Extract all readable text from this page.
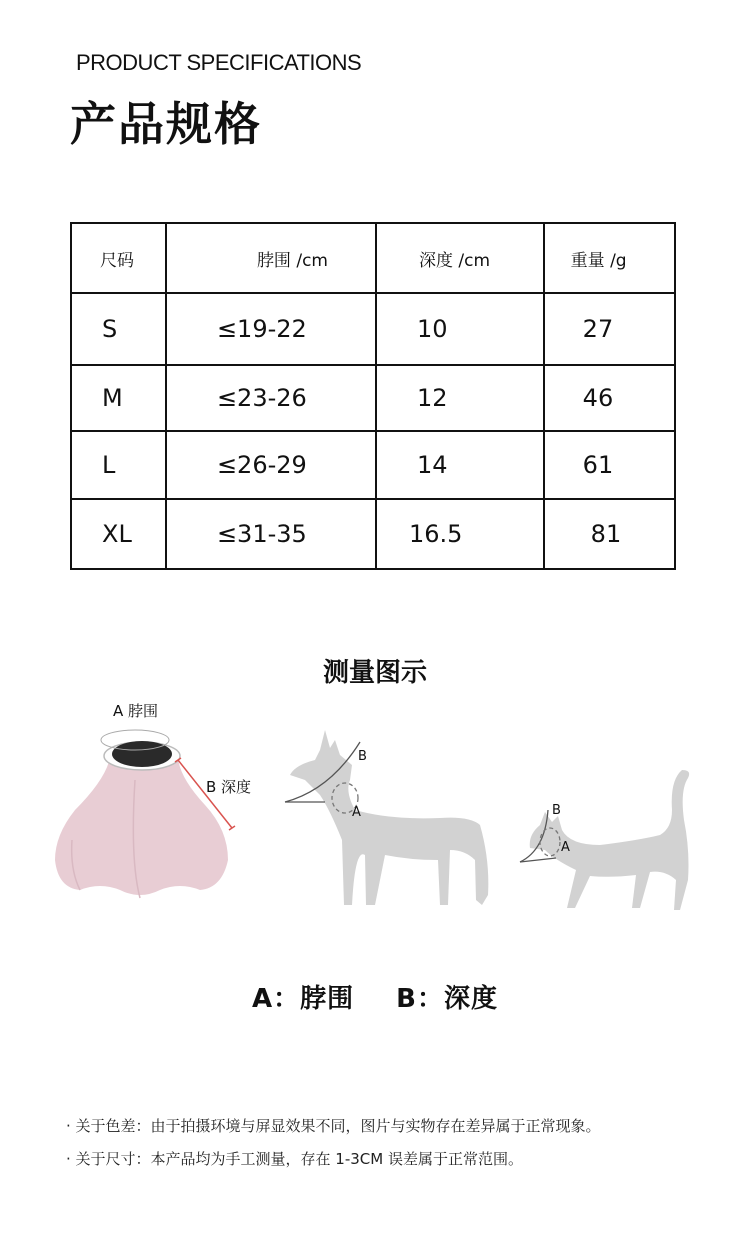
PRODUCT SPECIFICATIONS
产品规格
尺码	脖围 /cm	深度 /cm	重量 /g
S	≤19-22	10	27
M	≤23-26	12	46
L	≤26-29	14	61
XL	≤31-35	16.5	81
测量图示
A 脖围
B 深度
B
A	B
A
A：脖围 B：深度
· 关于色差：由于拍摄环境与屏显效果不同，图片与实物存在差异属于正常现象。
· 关于尺寸：本产品均为手工测量，存在 1-3CM 误差属于正常范围。
